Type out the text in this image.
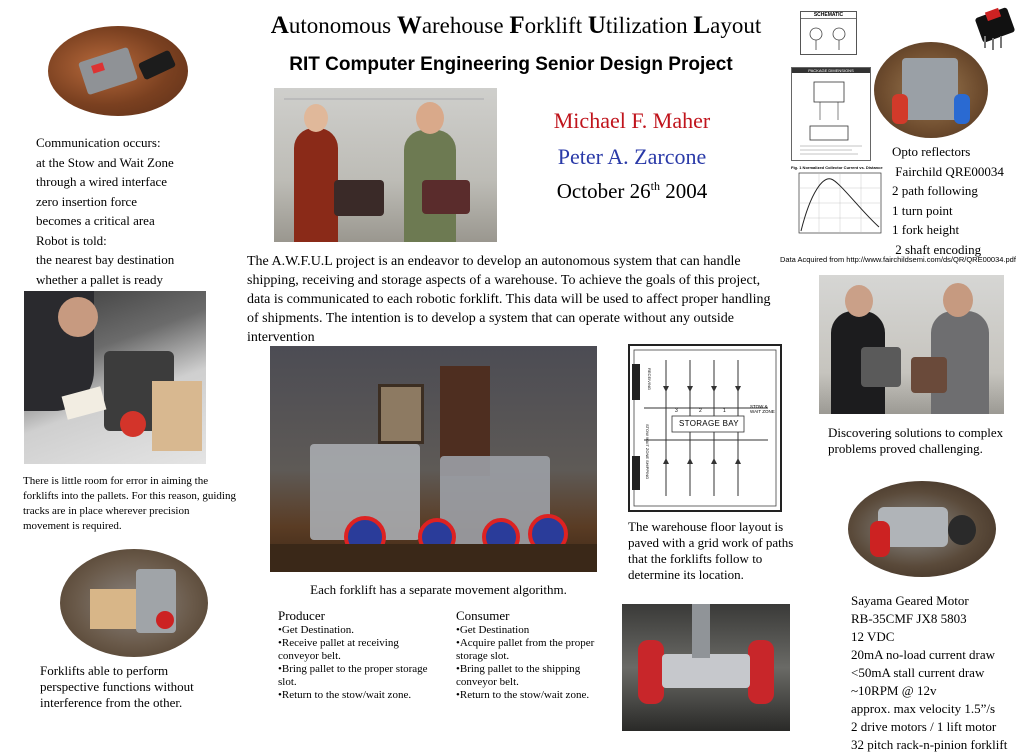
Autonomous Warehouse Forklift Utilization Layout
RIT Computer Engineering Senior Design Project
Communication occurs:
at the Stow and Wait Zone
through a wired interface
zero insertion force
becomes a critical area
Robot is told:
the nearest bay destination
whether a pallet is ready
Michael F. Maher
Peter A. Zarcone
October 26th 2004
SCHEMATIC
PACKAGE DIMENSIONS
Fig. 1 Normalized Collector Current vs. Distance
Opto reflectors
Fairchild QRE00034
2 path following
1 turn point
1 fork height
2 shaft encoding
Data Acquired from http://www.fairchildsemi.com/ds/QR/QRE00034.pdf
The A.W.F.U.L project is an endeavor to develop an autonomous system that can handle shipping, receiving and storage aspects of a warehouse. To achieve the goals of this project, data is communicated to each robotic forklift. This data will be used to affect proper handling of shipments. The intention is to develop a system that can operate without any outside intervention
STORAGE BAY
3	2	1
STOW & WAIT ZONE
RECEIVING
STOW WAIT ZONE
SHIPPING
Discovering solutions to complex problems proved challenging.
There is little room for error in aiming the forklifts into the pallets. For this reason, guiding tracks are in place wherever precision movement is required.	The warehouse floor layout is paved with a grid work of paths that the forklifts follow to determine its location.
Each forklift has a separate movement algorithm.
Producer
•Get Destination.
•Receive pallet at receiving conveyor belt.
•Bring pallet to the proper storage slot.
•Return to the stow/wait zone.
Consumer
•Get Destination
•Acquire pallet from the proper storage slot.
•Bring pallet to the shipping conveyor belt.
•Return to the stow/wait zone.
Forklifts able to perform perspective functions without interference from the other.
Sayama Geared Motor
RB-35CMF JX8 5803
12 VDC
20mA no-load current draw
<50mA stall current draw
~10RPM @ 12v
approx. max velocity 1.5”/s
2 drive motors / 1 lift motor
32 pitch rack-n-pinion forklift
